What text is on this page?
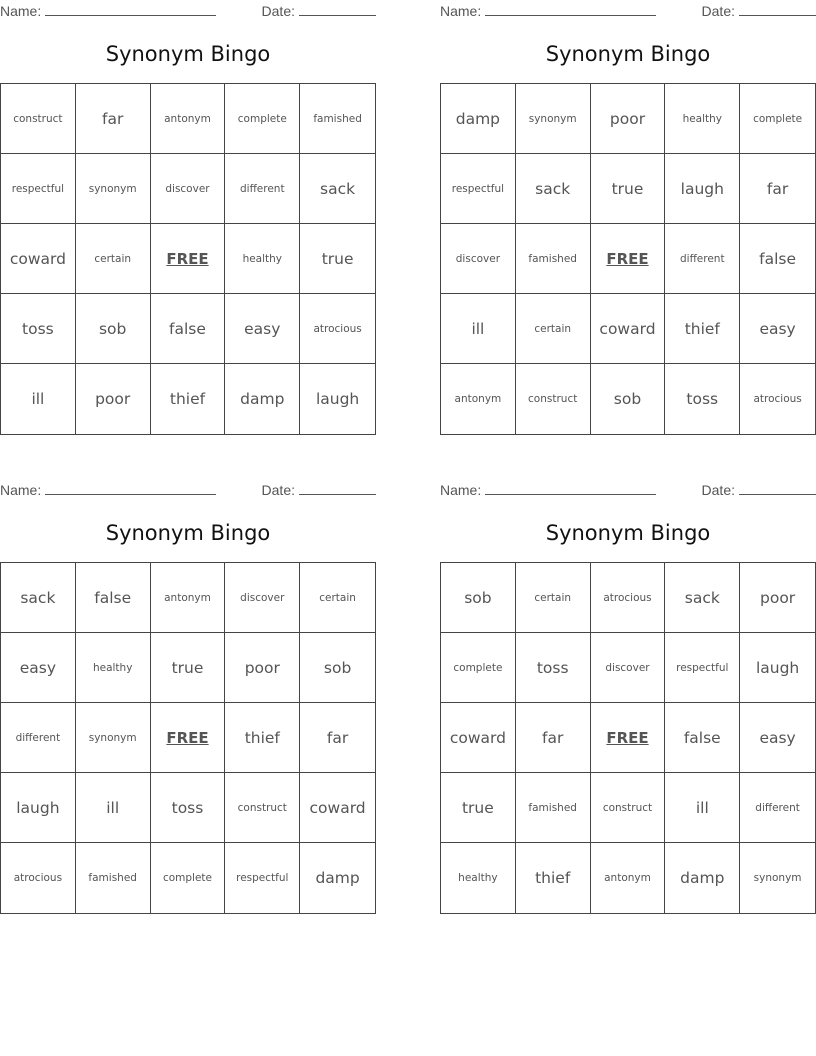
Name:	Date:
Synonym Bingo
construct	far	antonym	complete	famished
respectful	synonym	discover	different	sack
coward	certain	FREE	healthy	true
toss	sob	false	easy	atrocious
ill	poor	thief	damp	laugh
Name:	Date:
Synonym Bingo
damp	synonym	poor	healthy	complete
respectful	sack	true	laugh	far
discover	famished	FREE	different	false
ill	certain	coward	thief	easy
antonym	construct	sob	toss	atrocious
Name:	Date:
Synonym Bingo
sack	false	antonym	discover	certain
easy	healthy	true	poor	sob
different	synonym	FREE	thief	far
laugh	ill	toss	construct	coward
atrocious	famished	complete	respectful	damp
Name:	Date:
Synonym Bingo
sob	certain	atrocious	sack	poor
complete	toss	discover	respectful	laugh
coward	far	FREE	false	easy
true	famished	construct	ill	different
healthy	thief	antonym	damp	synonym
